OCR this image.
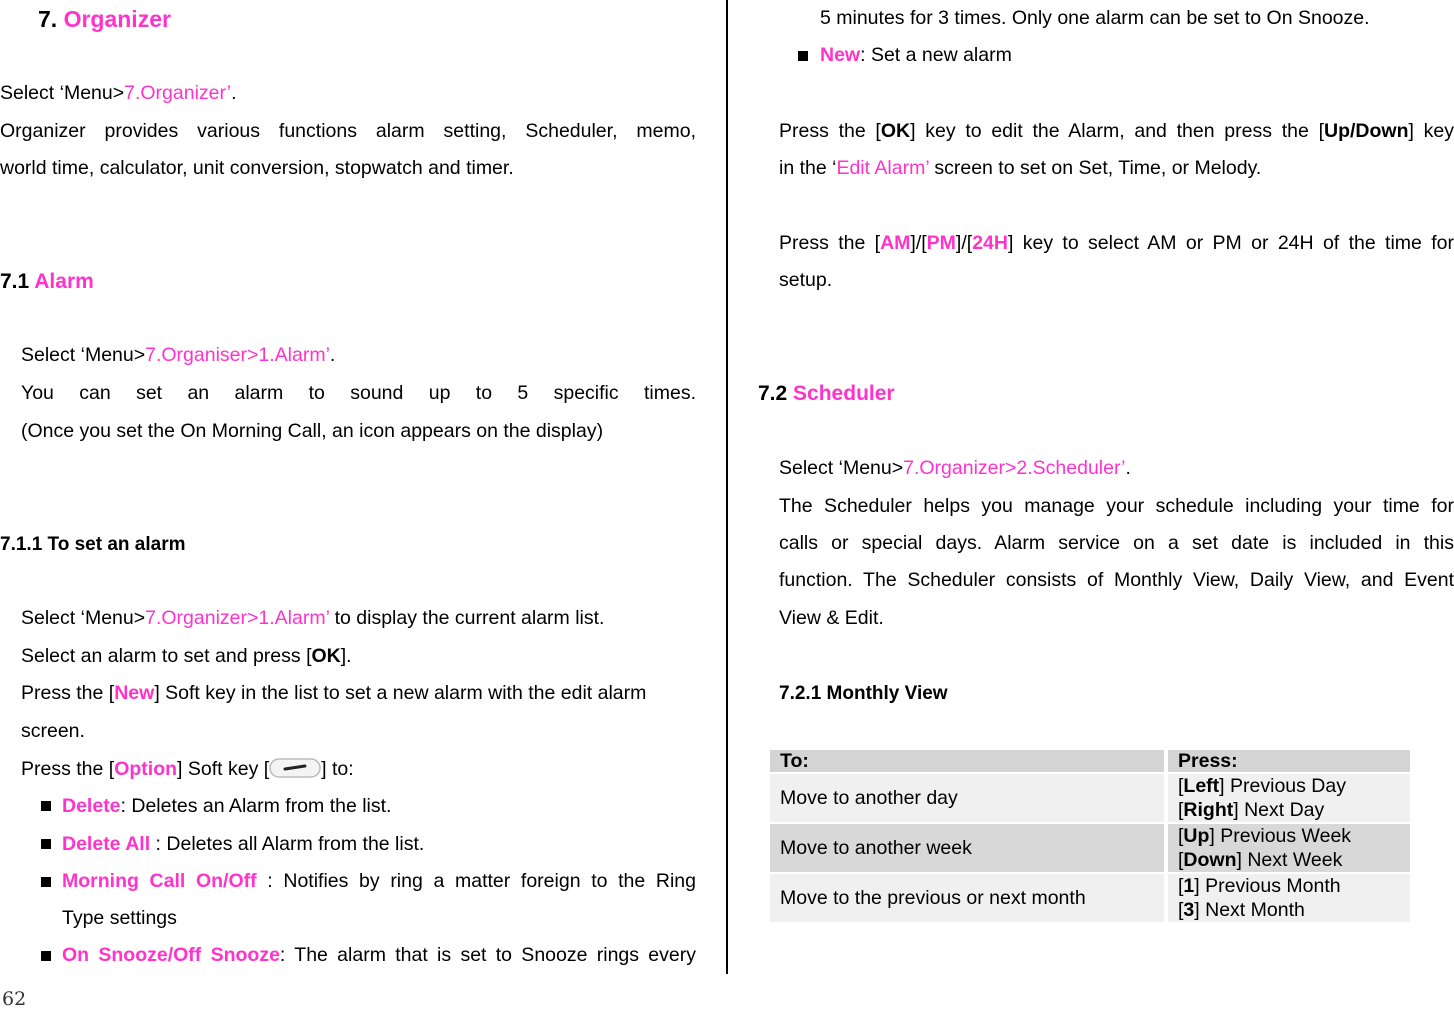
7. Organizer
Select ‘Menu>7.Organizer’.
Organizer provides various functions alarm setting, Scheduler, memo,
world time, calculator, unit conversion, stopwatch and timer.
7.1 Alarm
Select ‘Menu>7.Organiser>1.Alarm’.
You can set an alarm to sound up to 5 specific times.
(Once you set the On Morning Call, an icon appears on the display)
7.1.1 To set an alarm
Select ‘Menu>7.Organizer>1.Alarm’ to display the current alarm list.
Select an alarm to set and press [OK].
Press the [New] Soft key in the list to set a new alarm with the edit alarm
screen.
Press the [Option] Soft key [	] to:
Delete: Deletes an Alarm from the list.
Delete All : Deletes all Alarm from the list.
Morning Call On/Off : Notifies by ring a matter foreign to the Ring
Type settings
On Snooze/Off Snooze: The alarm that is set to Snooze rings every
62
5 minutes for 3 times. Only one alarm can be set to On Snooze.
New: Set a new alarm
Press the [OK] key to edit the Alarm, and then press the [Up/Down] key
in the ‘Edit Alarm’ screen to set on Set, Time, or Melody.
Press the [AM]/[PM]/[24H] key to select AM or PM or 24H of the time for
setup.
7.2 Scheduler
Select ‘Menu>7.Organizer>2.Scheduler’.
The Scheduler helps you manage your schedule including your time for
calls or special days. Alarm service on a set date is included in this
function. The Scheduler consists of Monthly View, Daily View, and Event
View & Edit.
7.2.1 Monthly View
To:	Press:
Move to another day	[Left] Previous Day
[Right] Next Day
Move to another week	[Up] Previous Week
[Down] Next Week
Move to the previous or next month	[1] Previous Month
[3] Next Month
